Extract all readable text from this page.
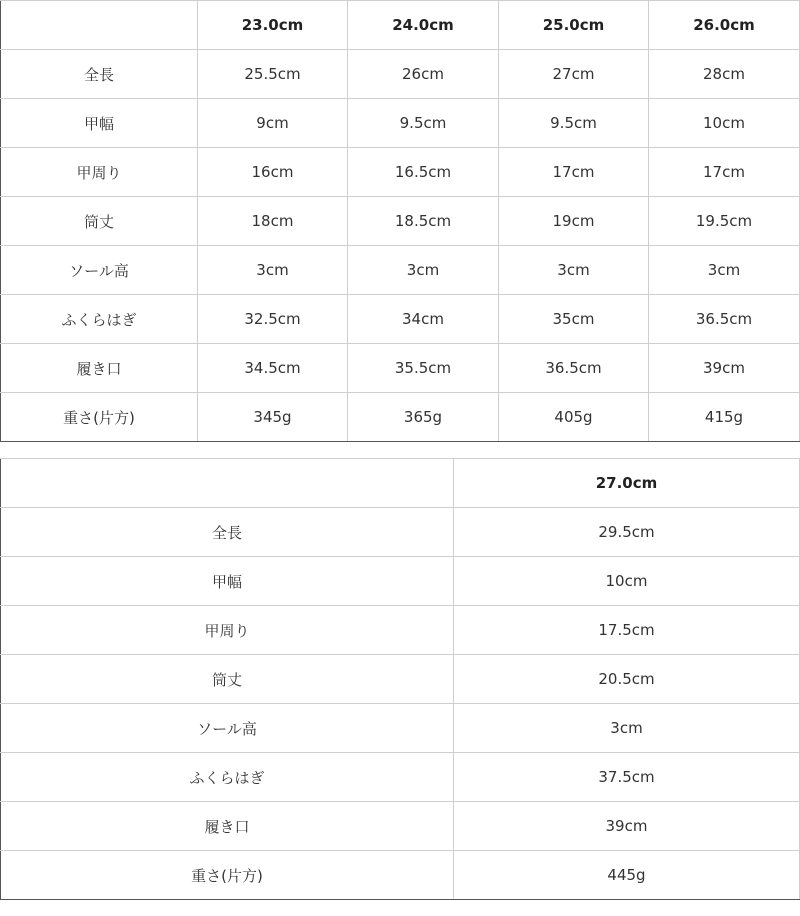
	23.0cm	24.0cm	25.0cm	26.0cm
全長	25.5cm	26cm	27cm	28cm
甲幅	9cm	9.5cm	9.5cm	10cm
甲周り	16cm	16.5cm	17cm	17cm
筒丈	18cm	18.5cm	19cm	19.5cm
ソール高	3cm	3cm	3cm	3cm
ふくらはぎ	32.5cm	34cm	35cm	36.5cm
履き口	34.5cm	35.5cm	36.5cm	39cm
重さ(片方)	345g	365g	405g	415g
	27.0cm
全長	29.5cm
甲幅	10cm
甲周り	17.5cm
筒丈	20.5cm
ソール高	3cm
ふくらはぎ	37.5cm
履き口	39cm
重さ(片方)	445g
